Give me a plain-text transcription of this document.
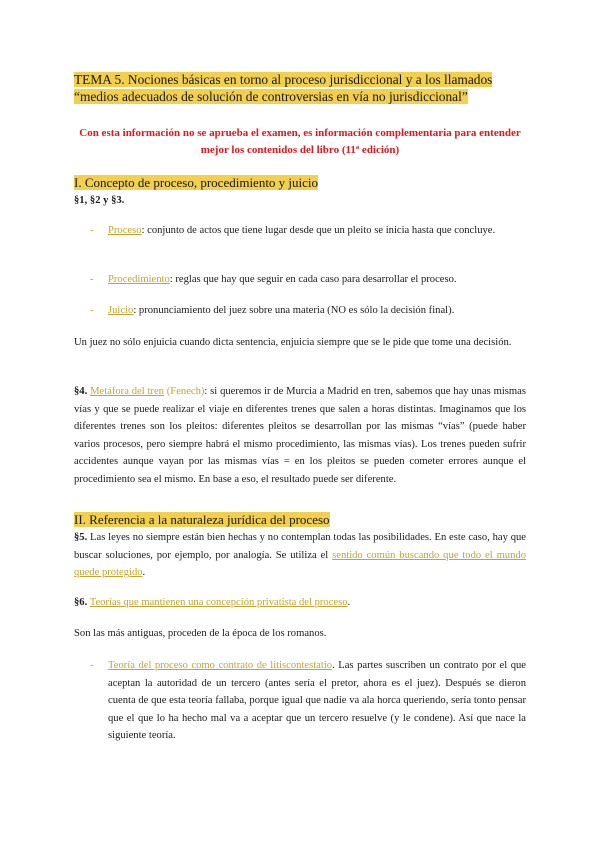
TEMA 5. Nociones básicas en torno al proceso jurisdiccional y a los llamados
“medios adecuados de solución de controversias en vía no jurisdiccional”
Con esta información no se aprueba el examen, es información complementaria para entender mejor los contenidos del libro (11ª edición)
I. Concepto de proceso, procedimiento y juicio
§1, §2 y §3.
- Proceso: conjunto de actos que tiene lugar desde que un pleito se inicia hasta que concluye.
- Procedimiento: reglas que hay que seguir en cada caso para desarrollar el proceso.
- Juicio: pronunciamiento del juez sobre una materia (NO es sólo la decisión final).
Un juez no sólo enjuicia cuando dicta sentencia, enjuicia siempre que se le pide que tome una decisión.
§4. Metáfora del tren (Fenech): si queremos ir de Murcia a Madrid en tren, sabemos que hay unas mismas vías y que se puede realizar el viaje en diferentes trenes que salen a horas distintas. Imaginamos que los diferentes trenes son los pleitos: diferentes pleitos se desarrollan por las mismas “vías” (puede haber varios procesos, pero siempre habrá el mismo procedimiento, las mismas vías). Los trenes pueden sufrir accidentes aunque vayan por las mismas vías = en los pleitos se pueden cometer errores aunque el procedimiento sea el mismo. En base a eso, el resultado puede ser diferente.
II. Referencia a la naturaleza jurídica del proceso
§5. Las leyes no siempre están bien hechas y no contemplan todas las posibilidades. En este caso, hay que buscar soluciones, por ejemplo, por analogía. Se utiliza el sentido común buscando que todo el mundo quede protegido.
§6. Teorías que mantienen una concepción privatista del proceso.
Son las más antiguas, proceden de la época de los romanos.
- Teoría del proceso como contrato de litiscontestatio. Las partes suscriben un contrato por el que aceptan la autoridad de un tercero (antes sería el pretor, ahora es el juez). Después se dieron cuenta de que esta teoría fallaba, porque igual que nadie va ala horca queriendo, sería tonto pensar que el que lo ha hecho mal va a aceptar que un tercero resuelve (y le condene). Así que nace la siguiente teoría.
